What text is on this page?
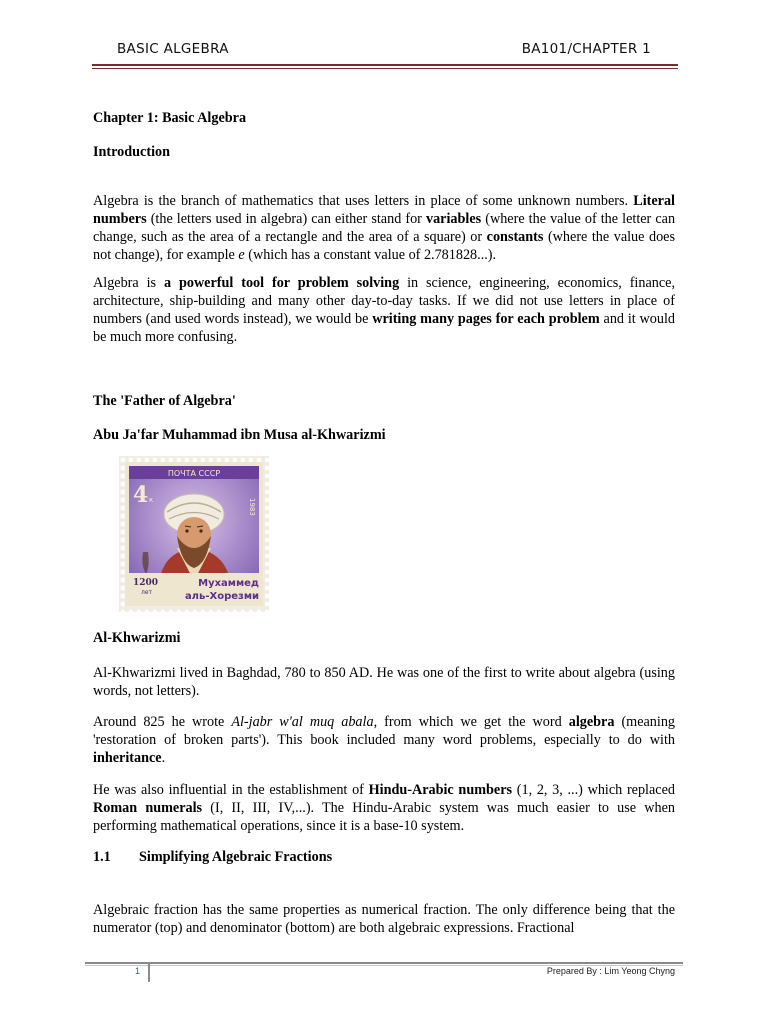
BASIC ALGEBRA	BA101/CHAPTER 1
Chapter 1: Basic Algebra
Introduction

Algebra is the branch of mathematics that uses letters in place of some unknown numbers. Literal numbers (the letters used in algebra) can either stand for variables (where the value of the letter can change, such as the area of a rectangle and the area of a square) or constants (where the value does not change), for example e (which has a constant value of 2.781828...).

Algebra is a powerful tool for problem solving in science, engineering, economics, finance, architecture, ship-building and many other day-to-day tasks. If we did not use letters in place of numbers (and used words instead), we would be writing many pages for each problem and it would be much more confusing.

The 'Father of Algebra'
Abu Ja'far Muhammad ibn Musa al-Khwarizmi
ПОЧТА СССР
4 к	1983
1200
лет
Мухаммед
аль-Хорезми
Al-Khwarizmi

Al-Khwarizmi lived in Baghdad, 780 to 850 AD. He was one of the first to write about algebra (using words, not letters).

Around 825 he wrote Al-jabr w'al muq abala, from which we get the word algebra (meaning 'restoration of broken parts'). This book included many word problems, especially to do with inheritance.

He was also influential in the establishment of Hindu-Arabic numbers (1, 2, 3, ...) which replaced Roman numerals (I, II, III, IV,...). The Hindu-Arabic system was much easier to use when performing mathematical operations, since it is a base-10 system.

1.1 Simplifying Algebraic Fractions

Algebraic fraction has the same properties as numerical fraction. The only difference being that the numerator (top) and denominator (bottom) are both algebraic expressions. Fractional

1	Prepared By : Lim Yeong Chyng
